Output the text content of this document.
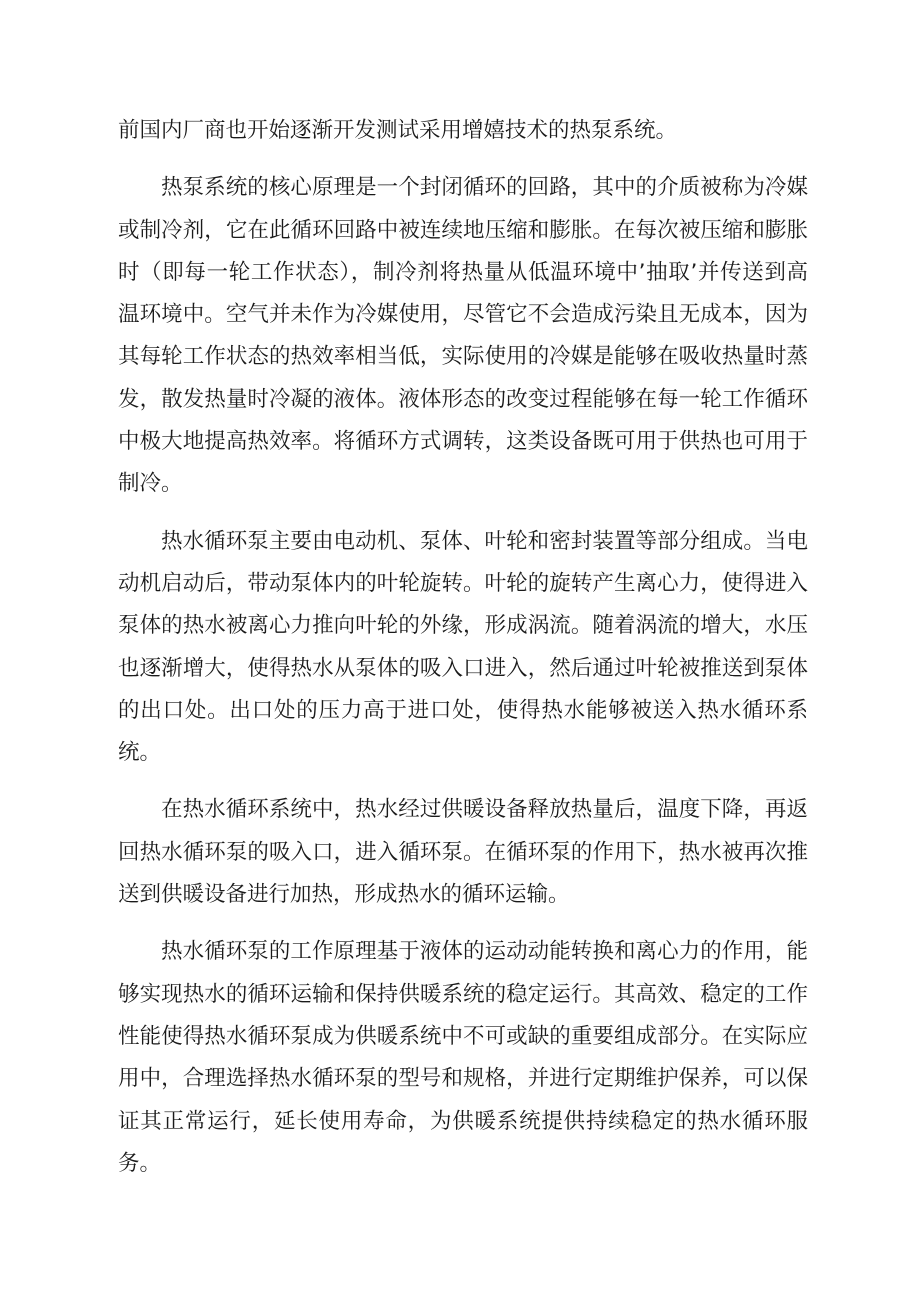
前国内厂商也开始逐渐开发测试采用增嬉技术的热泵系统。

热泵系统的核心原理是一个封闭循环的回路，其中的介质被称为冷媒或制冷剂，它在此循环回路中被连续地压缩和膨胀。在每次被压缩和膨胀时（即每一轮工作状态），制冷剂将热量从低温环境中’抽取’并传送到高温环境中。空气并未作为冷媒使用，尽管它不会造成污染且无成本，因为其每轮工作状态的热效率相当低，实际使用的冷媒是能够在吸收热量时蒸发，散发热量时冷凝的液体。液体形态的改变过程能够在每一轮工作循环中极大地提高热效率。将循环方式调转，这类设备既可用于供热也可用于制冷。

热水循环泵主要由电动机、泵体、叶轮和密封装置等部分组成。当电动机启动后，带动泵体内的叶轮旋转。叶轮的旋转产生离心力，使得进入泵体的热水被离心力推向叶轮的外缘，形成涡流。随着涡流的增大，水压也逐渐增大，使得热水从泵体的吸入口进入，然后通过叶轮被推送到泵体的出口处。出口处的压力高于进口处，使得热水能够被送入热水循环系统。

在热水循环系统中，热水经过供暖设备释放热量后，温度下降，再返回热水循环泵的吸入口，进入循环泵。在循环泵的作用下，热水被再次推送到供暖设备进行加热，形成热水的循环运输。

热水循环泵的工作原理基于液体的运动动能转换和离心力的作用，能够实现热水的循环运输和保持供暖系统的稳定运行。其高效、稳定的工作性能使得热水循环泵成为供暖系统中不可或缺的重要组成部分。在实际应用中，合理选择热水循环泵的型号和规格，并进行定期维护保养，可以保证其正常运行，延长使用寿命，为供暖系统提供持续稳定的热水循环服务。
